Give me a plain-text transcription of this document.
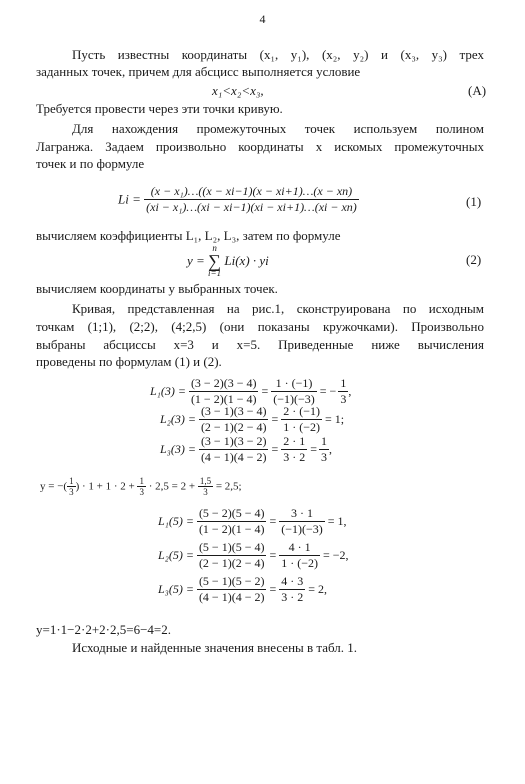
4
Пусть известны координаты (x₁, y₁), (x₂, y₂) и (x₃, y₃) трех
заданных точек, причем для абсцисс выполняется условие
x₁<x₂<x₃,	(А)
Требуется провести через эти точки кривую.
Для нахождения промежуточных точек используем полином
Лагранжа. Задаем произвольно координаты x искомых промежуточных
точек и по формуле
$Li = \frac{\text{(x − x₁)…((x − xi−1)(x − xi+1)…(x − xn)}}{\text{(xi − x₁)…(xi − xi−1)(xi − xi+1)…(xi − xn)}}$	(1)
вычисляем коэффициенты L₁, L₂, L₃, затем по формуле
y =
n
∑
i=1
Li(x) · yi	(2)
вычисляем координаты y выбранных точек.
Кривая, представленная на рис.1, сконструирована по исходным
точкам (1;1), (2;2), (4;2,5) (они показаны кружочками). Произвольно
выбраны абсциссы x=3 и x=5. Приведенные ниже вычисления
проведены по формулам (1) и (2).
$L_1(3) = \frac{(3 - 2)(3 - 4)}{(1 - 2)(1 - 4)} = \frac{1 \cdot (-1)}{(-1)(-3)}$ = − $\frac{1}{3}$ ,
$L_2(3) = \frac{(3 - 1)(3 - 4)}{(2 - 1)(2 - 4)} = \frac{2 \cdot (-1)}{1 \cdot (-2)} = 1$;
$L_3(3) = \frac{(3 - 1)(3 - 2)}{(4 - 1)(4 - 2)} = \frac{2 \cdot 1}{3 \cdot 2} = \frac{1}{3}$ ,
y = −( $\frac{1}{3}$ ) · $1 + 1 \cdot 2 + \frac{1}{3} \cdot 2,5 = 2 + \frac{1,5}{3} = 2,5$;
$L_1(5) = \frac{(5 - 2)(5 - 4)}{(1 - 2)(1 - 4)} = \frac{3 \cdot 1}{(-1)(-3)} = 1$,
$L_2(5) = \frac{(5 - 1)(5 - 4)}{(2 - 1)(2 - 4)} = \frac{4 \cdot 1}{1 \cdot (-2)} = -2$,
$L_3(5) = \frac{(5 - 1)(5 - 2)}{(4 - 1)(4 - 2)} = \frac{4 \cdot 3}{3 \cdot 2} = 2$,
y=1·1−2·2+2·2,5=6−4=2.
Исходные и найденные значения внесены в табл. 1.
